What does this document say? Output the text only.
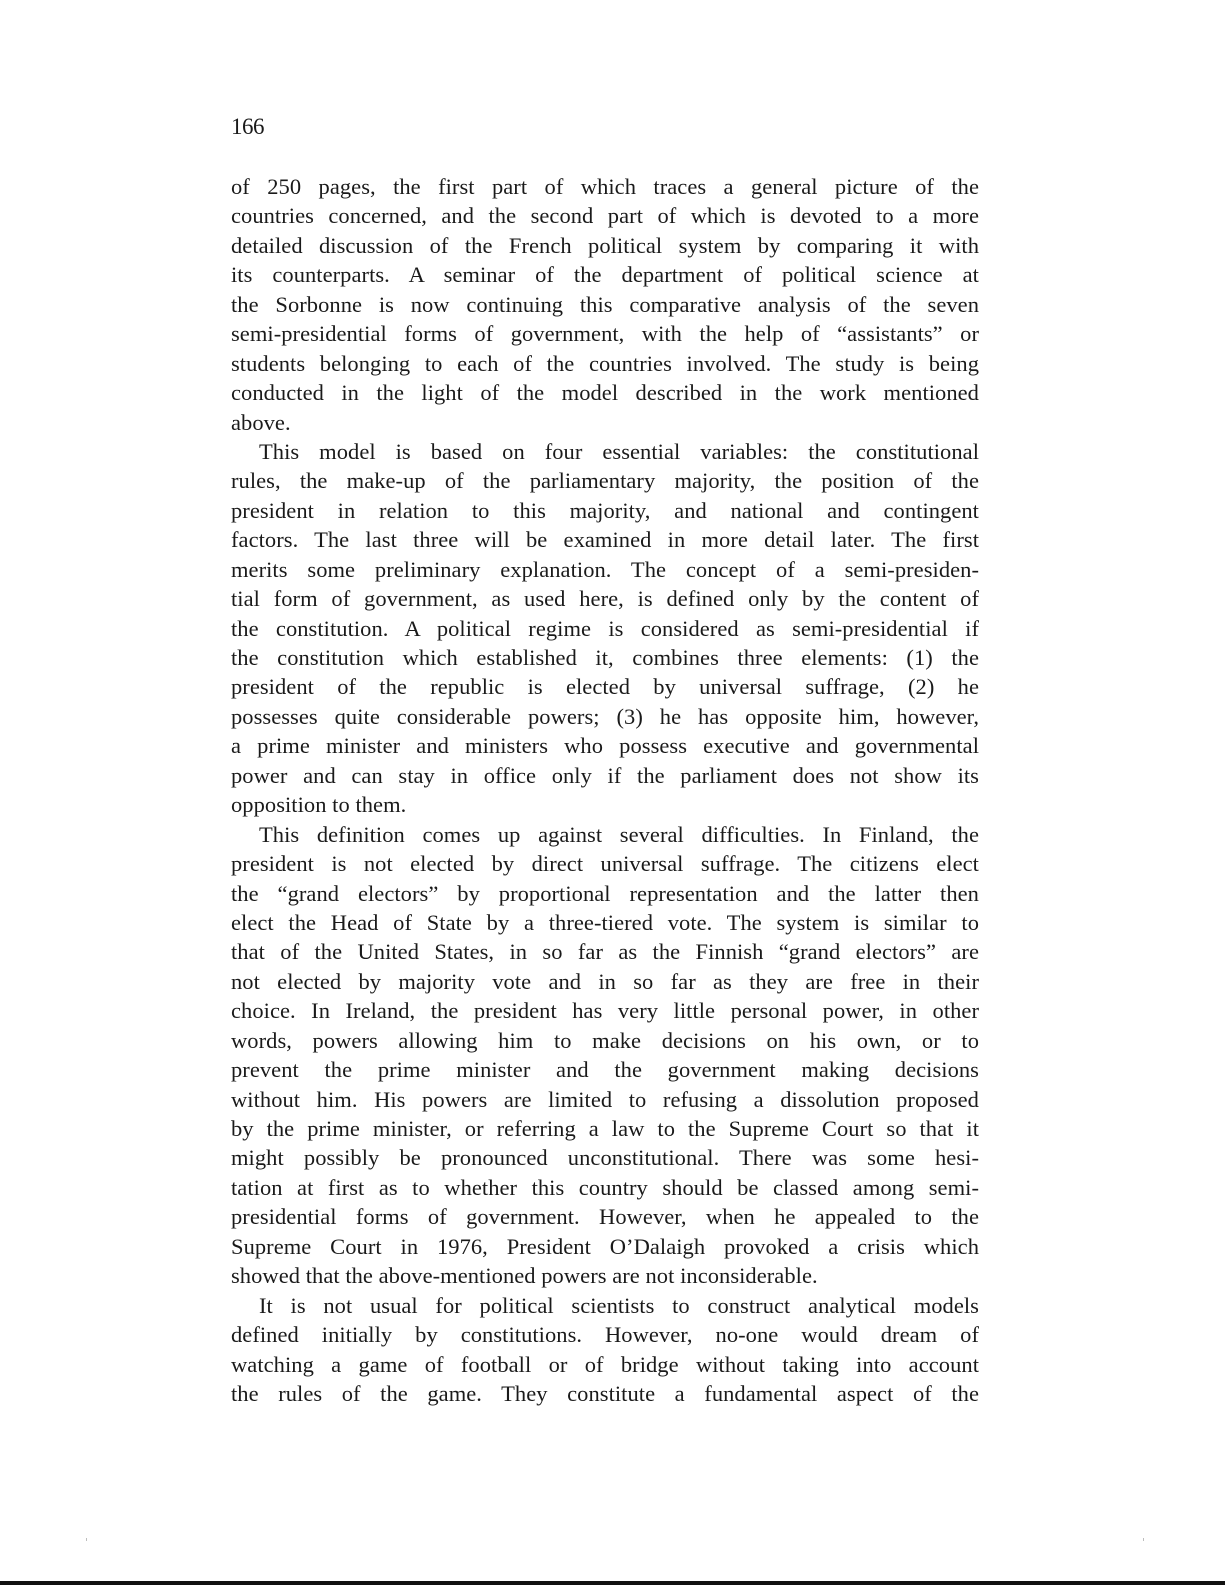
166
of 250 pages, the first part of which traces a general picture of the
countries concerned, and the second part of which is devoted to a more
detailed discussion of the French political system by comparing it with
its counterparts. A seminar of the department of political science at
the Sorbonne is now continuing this comparative analysis of the seven
semi-presidential forms of government, with the help of “assistants” or
students belonging to each of the countries involved. The study is being
conducted in the light of the model described in the work mentioned
above.
This model is based on four essential variables: the constitutional
rules, the make-up of the parliamentary majority, the position of the
president in relation to this majority, and national and contingent
factors. The last three will be examined in more detail later. The first
merits some preliminary explanation. The concept of a semi-presiden-
tial form of government, as used here, is defined only by the content of
the constitution. A political regime is considered as semi-presidential if
the constitution which established it, combines three elements: (1) the
president of the republic is elected by universal suffrage, (2) he
possesses quite considerable powers; (3) he has opposite him, however,
a prime minister and ministers who possess executive and governmental
power and can stay in office only if the parliament does not show its
opposition to them.
This definition comes up against several difficulties. In Finland, the
president is not elected by direct universal suffrage. The citizens elect
the “grand electors” by proportional representation and the latter then
elect the Head of State by a three-tiered vote. The system is similar to
that of the United States, in so far as the Finnish “grand electors” are
not elected by majority vote and in so far as they are free in their
choice. In Ireland, the president has very little personal power, in other
words, powers allowing him to make decisions on his own, or to
prevent the prime minister and the government making decisions
without him. His powers are limited to refusing a dissolution proposed
by the prime minister, or referring a law to the Supreme Court so that it
might possibly be pronounced unconstitutional. There was some hesi-
tation at first as to whether this country should be classed among semi-
presidential forms of government. However, when he appealed to the
Supreme Court in 1976, President O’Dalaigh provoked a crisis which
showed that the above-mentioned powers are not inconsiderable.
It is not usual for political scientists to construct analytical models
defined initially by constitutions. However, no-one would dream of
watching a game of football or of bridge without taking into account
the rules of the game. They constitute a fundamental aspect of the
